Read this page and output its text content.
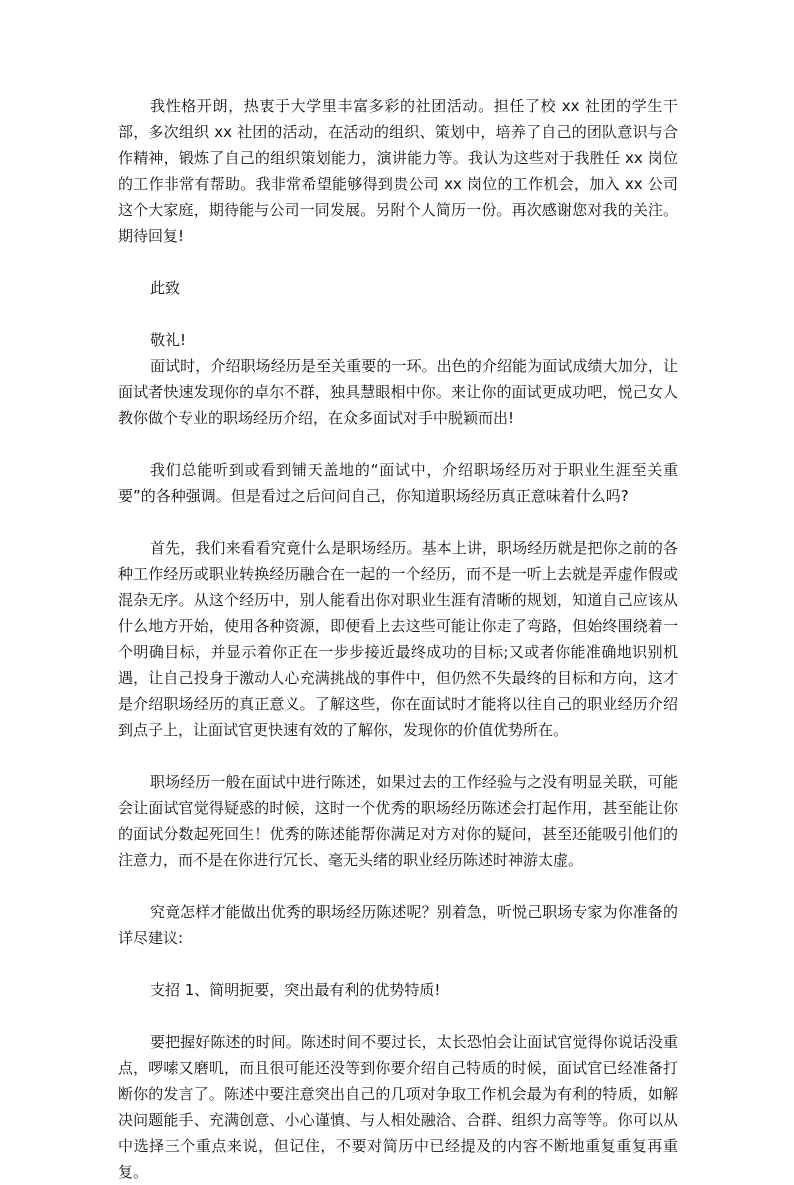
我性格开朗，热衷于大学里丰富多彩的社团活动。担任了校 xx 社团的学生干部，多次组织 xx 社团的活动，在活动的组织、策划中，培养了自己的团队意识与合作精神，锻炼了自己的组织策划能力，演讲能力等。我认为这些对于我胜任 xx 岗位的工作非常有帮助。我非常希望能够得到贵公司 xx 岗位的工作机会，加入 xx 公司这个大家庭，期待能与公司一同发展。另附个人简历一份。再次感谢您对我的关注。期待回复!

此致

敬礼!

面试时，介绍职场经历是至关重要的一环。出色的介绍能为面试成绩大加分，让面试者快速发现你的卓尔不群，独具慧眼相中你。来让你的面试更成功吧，悦己女人教你做个专业的职场经历介绍，在众多面试对手中脱颖而出!

我们总能听到或看到铺天盖地的“面试中，介绍职场经历对于职业生涯至关重要”的各种强调。但是看过之后问问自己，你知道职场经历真正意味着什么吗?

首先，我们来看看究竟什么是职场经历。基本上讲，职场经历就是把你之前的各种工作经历或职业转换经历融合在一起的一个经历，而不是一听上去就是弄虚作假或混杂无序。从这个经历中，别人能看出你对职业生涯有清晰的规划，知道自己应该从什么地方开始，使用各种资源，即便看上去这些可能让你走了弯路，但始终围绕着一个明确目标，并显示着你正在一步步接近最终成功的目标;又或者你能准确地识别机遇，让自己投身于激动人心充满挑战的事件中，但仍然不失最终的目标和方向，这才是介绍职场经历的真正意义。了解这些，你在面试时才能将以往自己的职业经历介绍到点子上，让面试官更快速有效的了解你，发现你的价值优势所在。

职场经历一般在面试中进行陈述，如果过去的工作经验与之没有明显关联，可能会让面试官觉得疑惑的时候，这时一个优秀的职场经历陈述会打起作用，甚至能让你的面试分数起死回生！优秀的陈述能帮你满足对方对你的疑问，甚至还能吸引他们的注意力，而不是在你进行冗长、毫无头绪的职业经历陈述时神游太虚。

究竟怎样才能做出优秀的职场经历陈述呢？别着急，听悦己职场专家为你准备的详尽建议:

支招 1、简明扼要，突出最有利的优势特质!

要把握好陈述的时间。陈述时间不要过长，太长恐怕会让面试官觉得你说话没重点，啰嗦又磨叽，而且很可能还没等到你要介绍自己特质的时候，面试官已经准备打断你的发言了。陈述中要注意突出自己的几项对争取工作机会最为有利的特质，如解决问题能手、充满创意、小心谨慎、与人相处融洽、合群、组织力高等等。你可以从中选择三个重点来说，但记住，不要对简历中已经提及的内容不断地重复重复再重复。
